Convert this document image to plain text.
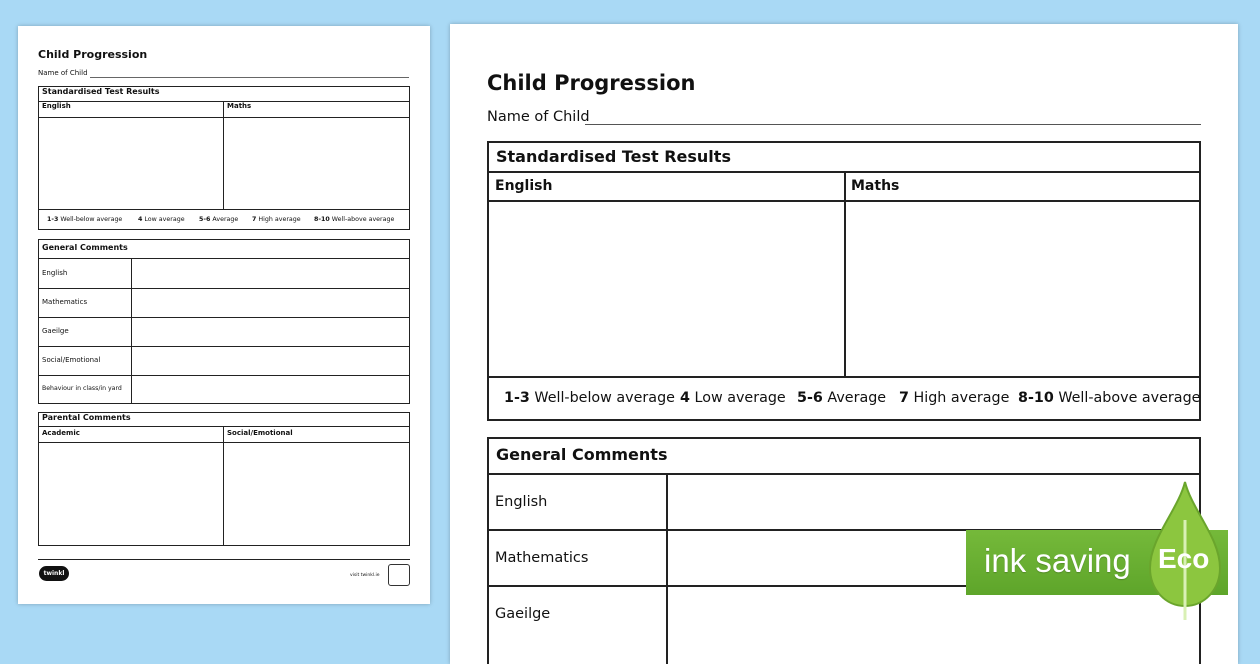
Child Progression
Name of Child
Standardised Test Results
English	Maths
1-3 Well-below average 4 Low average 5-6 Average 7 High average 8-10 Well-above average
General Comments
English
Mathematics
Gaeilge
Social/Emotional
Behaviour in class/in yard
Parental Comments
Academic	Social/Emotional
twinkl	visit twinkl.ie
Child Progression
Name of Child
Standardised Test Results
English	Maths
1-3 Well-below average 4 Low average 5-6 Average 7 High average 8-10 Well-above average
General Comments
English
Mathematics
Gaeilge
ink saving Eco
